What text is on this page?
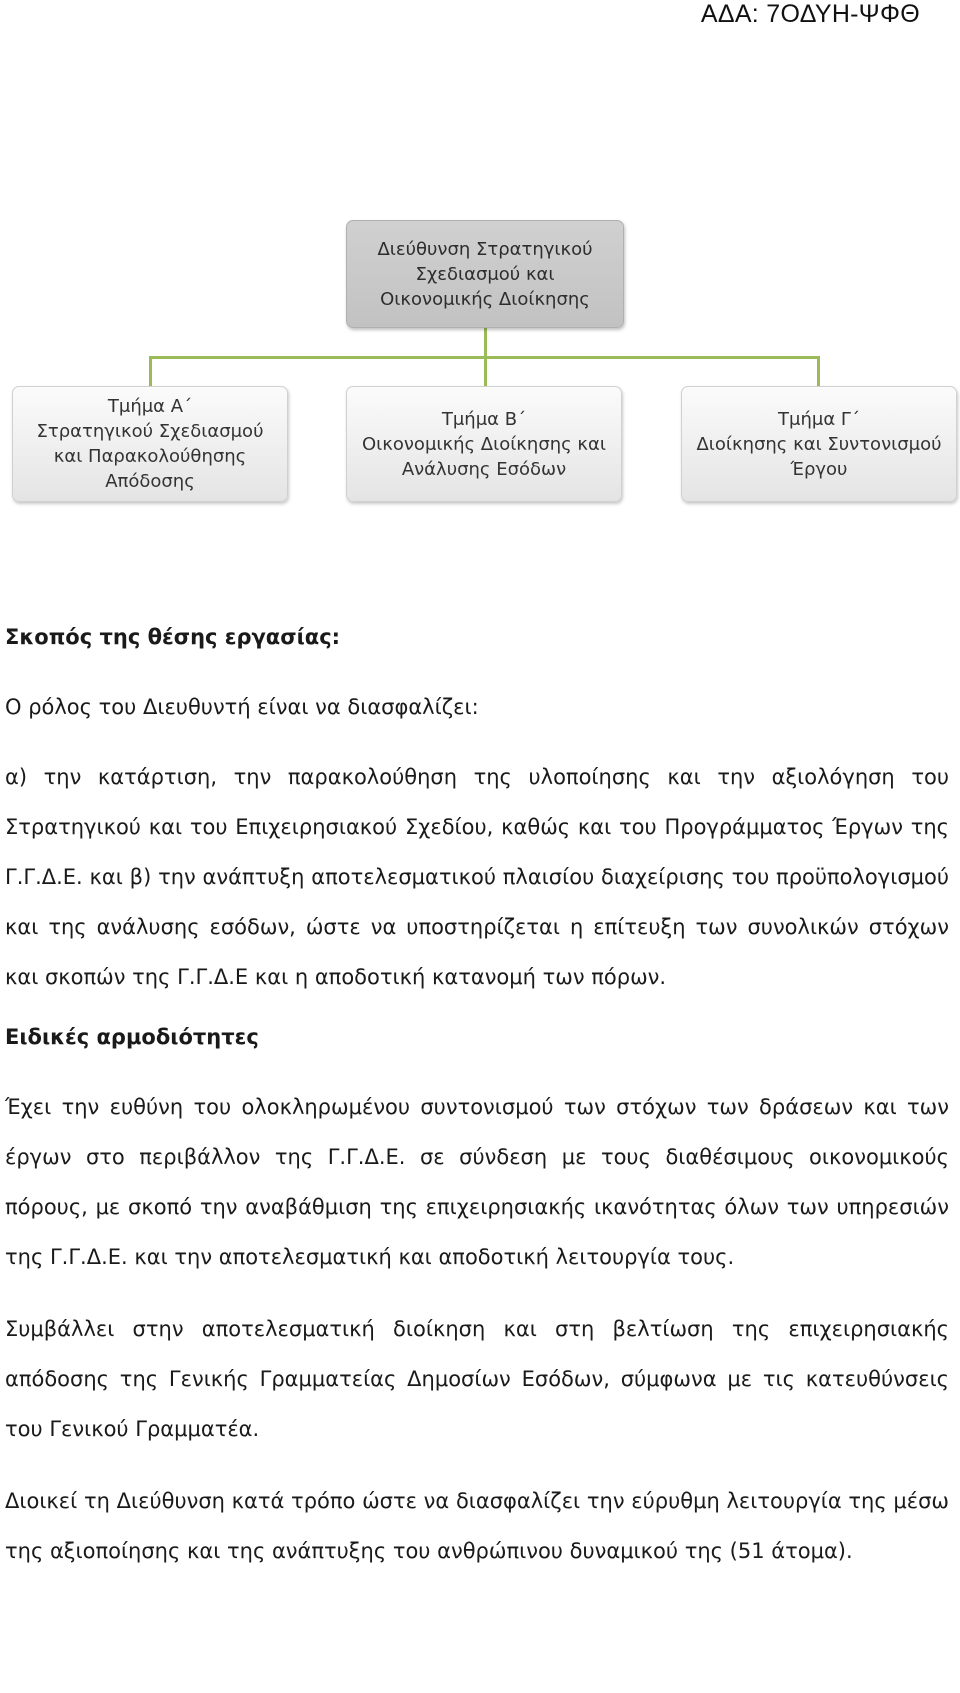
ΑΔΑ: 7ΟΔΥΗ-ΨΦΘ
Διεύθυνση Στρατηγικού
Σχεδιασμού και
Οικονομικής Διοίκησης
Τμήμα Α΄
Στρατηγικού Σχεδιασμού
και Παρακολούθησης
Απόδοσης
Τμήμα Β΄
Οικονομικής Διοίκησης και
Ανάλυσης Εσόδων
Τμήμα Γ΄
Διοίκησης και Συντονισμού
Έργου

Σκοπός της θέσης εργασίας:

Ο ρόλος του Διευθυντή είναι να διασφαλίζει:

α) την κατάρτιση, την παρακολούθηση της υλοποίησης και την αξιολόγηση του Στρατηγικού και του Επιχειρησιακού Σχεδίου, καθώς και του Προγράμματος Έργων της Γ.Γ.Δ.Ε. και β) την ανάπτυξη αποτελεσματικού πλαισίου διαχείρισης του προϋπολογισμού και της ανάλυσης εσόδων, ώστε να υποστηρίζεται η επίτευξη των συνολικών στόχων και σκοπών της Γ.Γ.Δ.Ε και η αποδοτική κατανομή των πόρων.

Ειδικές αρμοδιότητες

Έχει την ευθύνη του ολοκληρωμένου συντονισμού των στόχων των δράσεων και των έργων στο περιβάλλον της Γ.Γ.Δ.Ε. σε σύνδεση με τους διαθέσιμους οικονομικούς πόρους, με σκοπό την αναβάθμιση της επιχειρησιακής ικανότητας όλων των υπηρεσιών της Γ.Γ.Δ.Ε. και την αποτελεσματική και αποδοτική λειτουργία τους.

Συμβάλλει στην αποτελεσματική διοίκηση και στη βελτίωση της επιχειρησιακής απόδοσης της Γενικής Γραμματείας Δημοσίων Εσόδων, σύμφωνα με τις κατευθύνσεις του Γενικού Γραμματέα.

Διοικεί τη Διεύθυνση κατά τρόπο ώστε να διασφαλίζει την εύρυθμη λειτουργία της μέσω της αξιοποίησης και της ανάπτυξης του ανθρώπινου δυναμικού της (51 άτομα).
